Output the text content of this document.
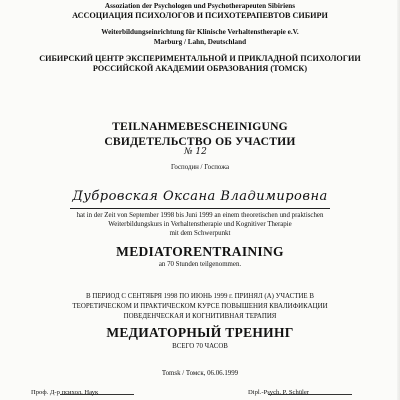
Assoziation der Psychologen und Psychotherapeuten Sibiriens
АССОЦИАЦИЯ ПСИХОЛОГОВ И ПСИХОТЕРАПЕВТОВ СИБИРИ
Weiterbildungseinrichtung für Klinische Verhaltenstherapie e.V.
Marburg / Lahn, Deutschland
СИБИРСКИЙ ЦЕНТР ЭКСПЕРИМЕНТАЛЬНОЙ И ПРИКЛАДНОЙ ПСИХОЛОГИИ
РОССИЙСКОЙ АКАДЕМИИ ОБРАЗОВАНИЯ (ТОМСК)
TEILNAHMEBESCHEINIGUNG
СВИДЕТЕЛЬСТВО ОБ УЧАСТИИ
№ 12
Господин / Госпожа
Дубровская Оксана Владимировна
hat in der Zeit von September 1998 bis Juni 1999 an einem theoretischen und praktischen
Weiterbildungskurs in Verhaltenstherapie und Kognitiver Therapie
mit dem Schwerpunkt
MEDIATORENTRAINING
an 70 Stunden teilgenommen.
В ПЕРИОД С СЕНТЯБРЯ 1998 ПО ИЮНЬ 1999 г. ПРИНЯЛ (А) УЧАСТИЕ В
ТЕОРЕТИЧЕСКОМ И ПРАКТИЧЕСКОМ КУРСЕ ПОВЫШЕНИЯ КВАЛИФИКАЦИИ
ПОВЕДЕНЧЕСКАЯ И КОГНИТИВНАЯ ТЕРАПИЯ
МЕДИАТОРНЫЙ ТРЕНИНГ
ВСЕГО 70 ЧАСОВ
Tomsk / Томск, 06.06.1999
Проф. Д-р психол. Наук	Dipl.-Psych. P. Schüler
